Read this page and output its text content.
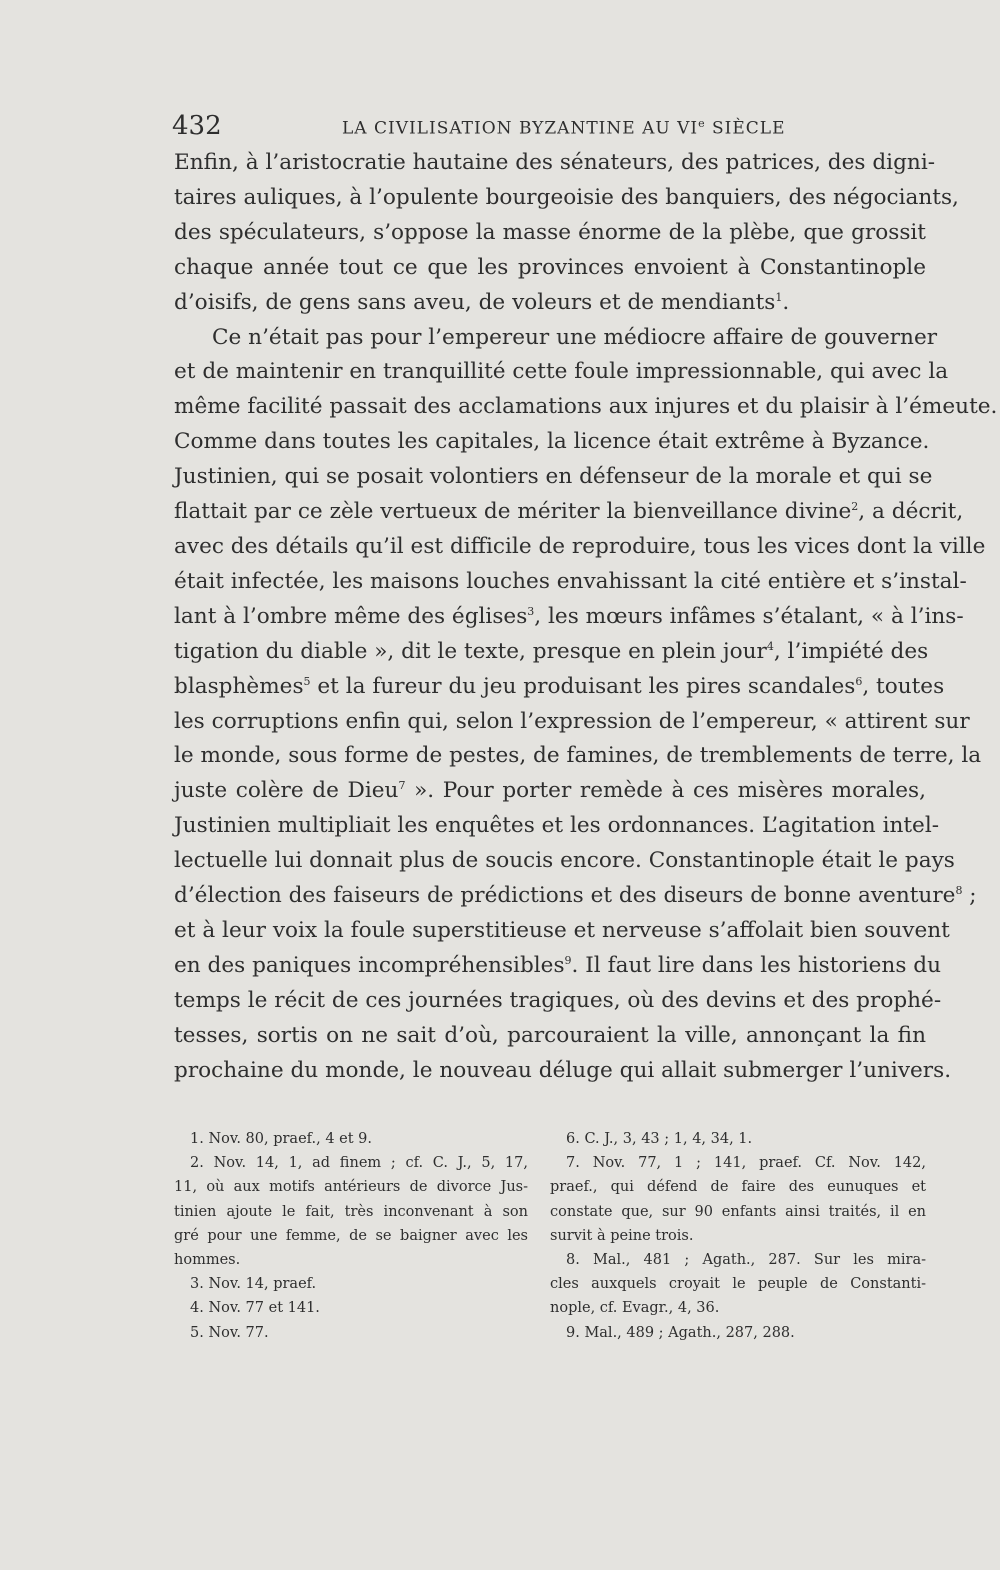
432	LA CIVILISATION BYZANTINE AU VIe SIÈCLE
Enfin, à l’aristocratie hautaine des sénateurs, des patrices, des digni-
taires auliques, à l’opulente bourgeoisie des banquiers, des négociants,
des spéculateurs, s’oppose la masse énorme de la plèbe, que grossit
chaque année tout ce que les provinces envoient à Constantinople
d’oisifs, de gens sans aveu, de voleurs et de mendiants$^1$.
Ce n’était pas pour l’empereur une médiocre affaire de gouverner
et de maintenir en tranquillité cette foule impressionnable, qui avec la
même facilité passait des acclamations aux injures et du plaisir à l’émeute.
Comme dans toutes les capitales, la licence était extrême à Byzance.
Justinien, qui se posait volontiers en défenseur de la morale et qui se
flattait par ce zèle vertueux de mériter la bienveillance divine$^2$, a décrit,
avec des détails qu’il est difficile de reproduire, tous les vices dont la ville
était infectée, les maisons louches envahissant la cité entière et s’instal-
lant à l’ombre même des églises$^3$, les mœurs infâmes s’étalant, « à l’ins-
tigation du diable », dit le texte, presque en plein jour$^4$, l’impiété des
blasphèmes$^5$ et la fureur du jeu produisant les pires scandales$^6$, toutes
les corruptions enfin qui, selon l’expression de l’empereur, « attirent sur
le monde, sous forme de pestes, de famines, de tremblements de terre, la
juste colère de Dieu$^7$ ». Pour porter remède à ces misères morales,
Justinien multipliait les enquêtes et les ordonnances. L’agitation intel-
lectuelle lui donnait plus de soucis encore. Constantinople était le pays
d’élection des faiseurs de prédictions et des diseurs de bonne aventure$^8$ ;
et à leur voix la foule superstitieuse et nerveuse s’affolait bien souvent
en des paniques incompréhensibles$^9$. Il faut lire dans les historiens du
temps le récit de ces journées tragiques, où des devins et des prophé-
tesses, sortis on ne sait d’où, parcouraient la ville, annonçant la fin
prochaine du monde, le nouveau déluge qui allait submerger l’univers.
1. Nov. 80, praef., 4 et 9.
2. Nov. 14, 1, ad finem ; cf. C. J., 5, 17,
11, où aux motifs antérieurs de divorce Jus-
tinien ajoute le fait, très inconvenant à son
gré pour une femme, de se baigner avec les
hommes.
3. Nov. 14, praef.
4. Nov. 77 et 141.
5. Nov. 77.
6. C. J., 3, 43 ; 1, 4, 34, 1.
7. Nov. 77, 1 ; 141, praef. Cf. Nov. 142,
praef., qui défend de faire des eunuques et
constate que, sur 90 enfants ainsi traités, il en
survit à peine trois.
8. Mal., 481 ; Agath., 287. Sur les mira-
cles auxquels croyait le peuple de Constanti-
nople, cf. Evagr., 4, 36.
9. Mal., 489 ; Agath., 287, 288.
